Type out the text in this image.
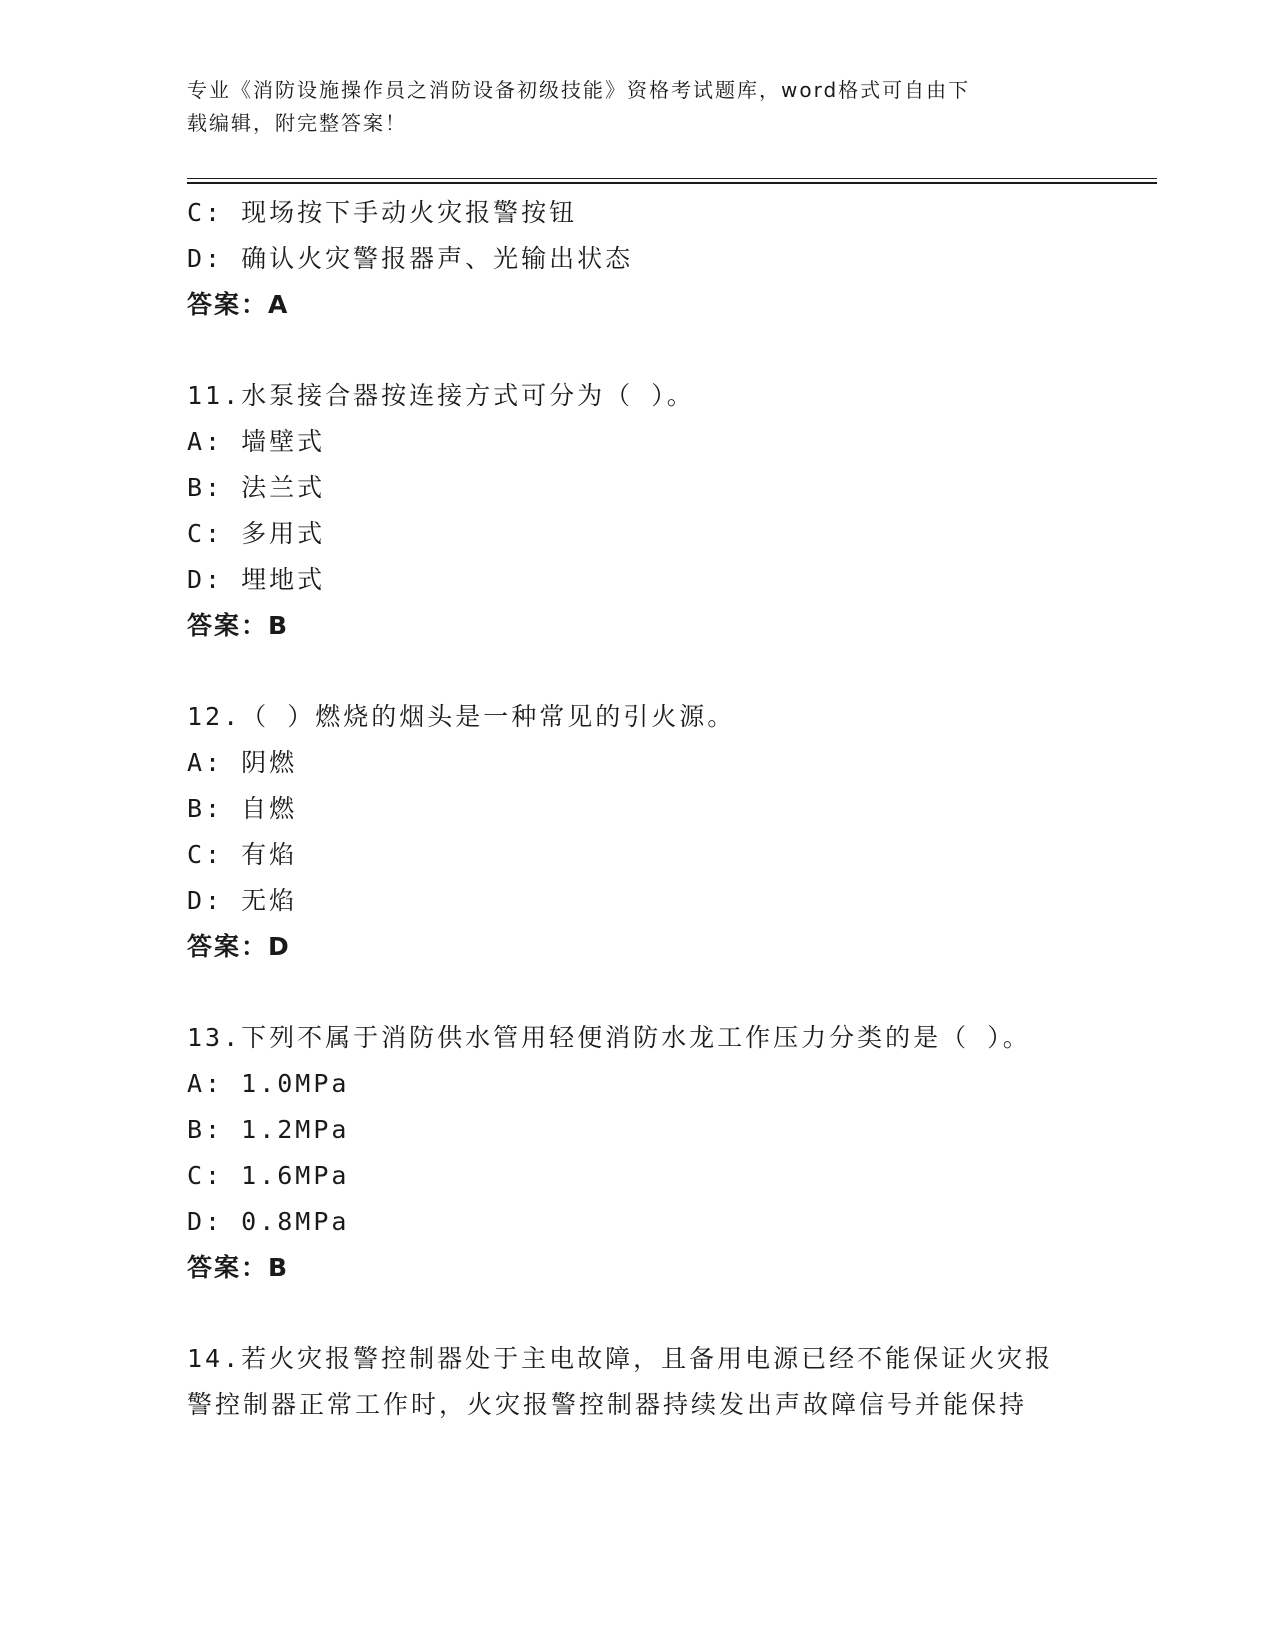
专业《消防设施操作员之消防设备初级技能》资格考试题库，word格式可自由下
载编辑，附完整答案！
C: 现场按下手动火灾报警按钮
D: 确认火灾警报器声、光输出状态
答案：A
11.水泵接合器按连接方式可分为（ ）。
A: 墙壁式
B: 法兰式
C: 多用式
D: 埋地式
答案：B
12.（ ）燃烧的烟头是一种常见的引火源。
A: 阴燃
B: 自燃
C: 有焰
D: 无焰
答案：D
13.下列不属于消防供水管用轻便消防水龙工作压力分类的是（ ）。
A: 1.0MPa
B: 1.2MPa
C: 1.6MPa
D: 0.8MPa
答案：B
14.若火灾报警控制器处于主电故障，且备用电源已经不能保证火灾报
警控制器正常工作时，火灾报警控制器持续发出声故障信号并能保持
